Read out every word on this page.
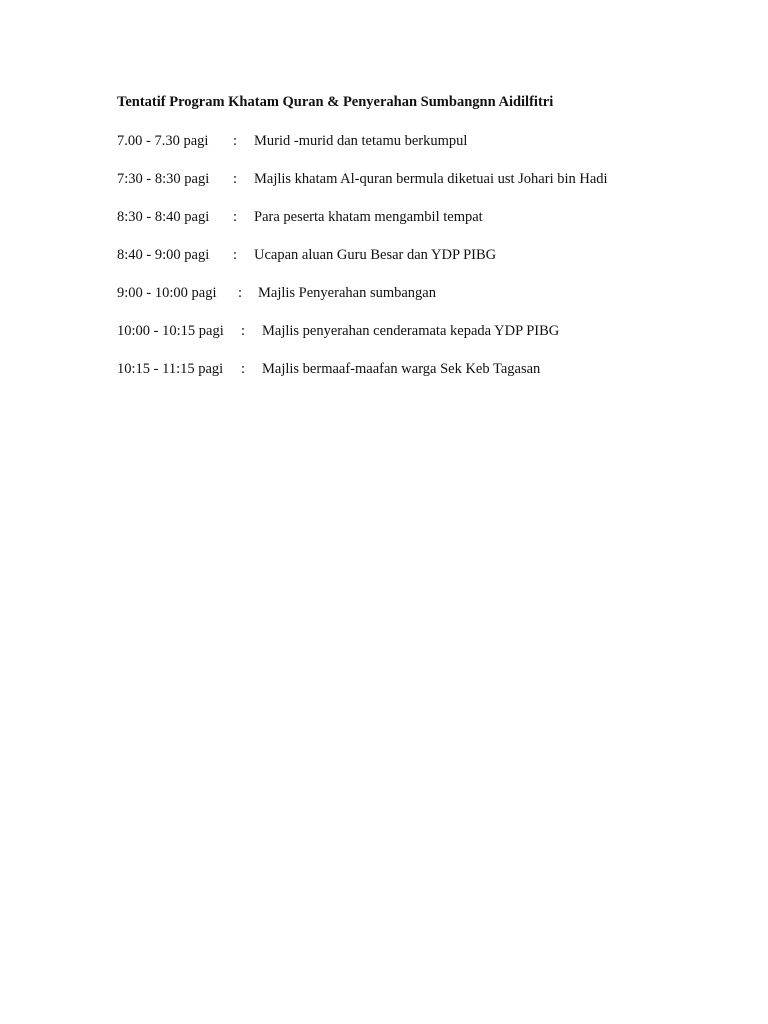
Tentatif Program Khatam Quran & Penyerahan Sumbangnn Aidilfitri
7.00 - 7.30 pagi : Murid -murid dan tetamu berkumpul
7:30 - 8:30 pagi : Majlis khatam Al-quran bermula diketuai ust Johari bin Hadi
8:30 - 8:40 pagi : Para peserta khatam mengambil tempat
8:40 - 9:00 pagi : Ucapan aluan Guru Besar dan YDP PIBG
9:00 - 10:00 pagi : Majlis Penyerahan sumbangan
10:00 - 10:15 pagi : Majlis penyerahan cenderamata kepada YDP PIBG
10:15 - 11:15 pagi : Majlis bermaaf-maafan warga Sek Keb Tagasan
